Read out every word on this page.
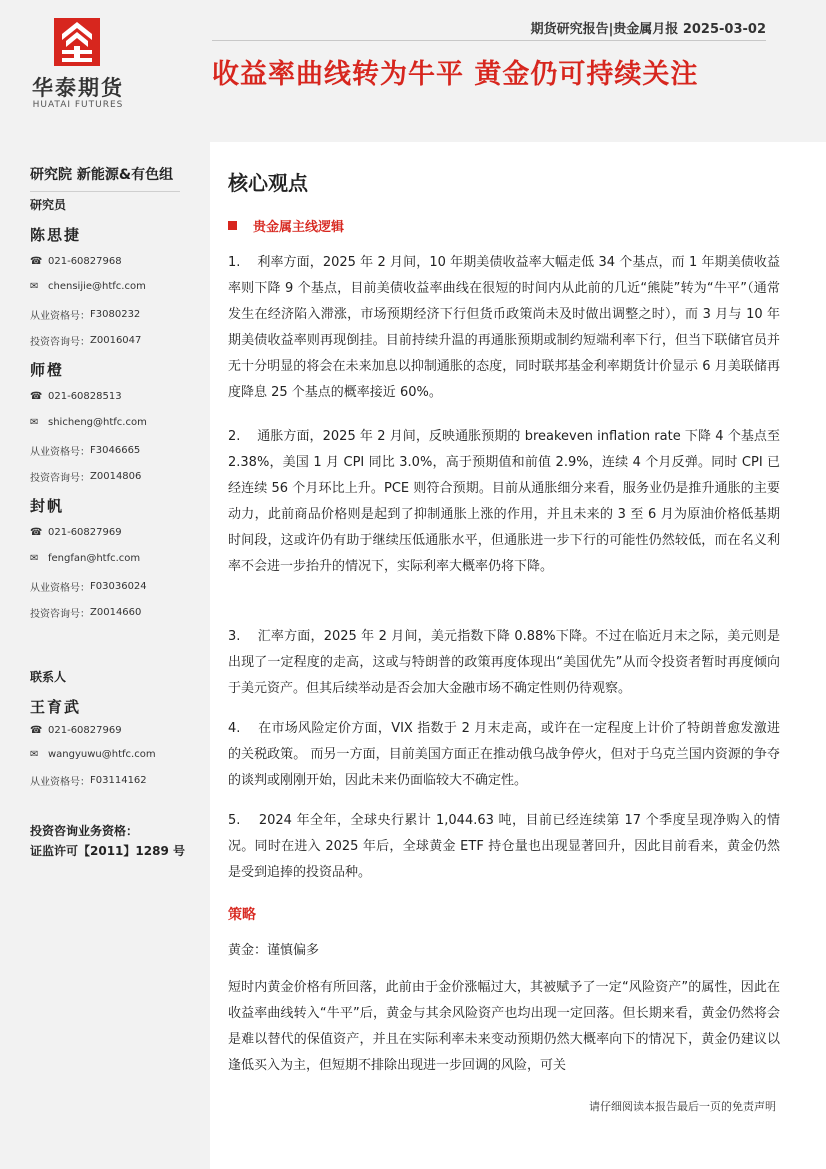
华泰期货
HUATAI FUTURES
期货研究报告|贵金属月报 2025-03-02
收益率曲线转为牛平 黄金仍可持续关注
研究院 新能源&有色组
研究员
陈思捷
☎ 021-60827968
✉ chensijie@htfc.com
从业资格号： F3080232
投资咨询号： Z0016047
师橙
☎ 021-60828513
✉ shicheng@htfc.com
从业资格号： F3046665
投资咨询号： Z0014806
封帆
☎ 021-60827969
✉ fengfan@htfc.com
从业资格号： F03036024
投资咨询号： Z0014660
联系人
王育武
☎ 021-60827969
✉ wangyuwu@htfc.com
从业资格号： F03114162
投资咨询业务资格：
证监许可【2011】1289 号
核心观点
贵金属主线逻辑
1.    利率方面，2025 年 2 月间，10 年期美债收益率大幅走低 34 个基点，而 1 年期美债收益率则下降 9 个基点，目前美债收益率曲线在很短的时间内从此前的几近“熊陡”转为“牛平”（通常发生在经济陷入滞涨，市场预期经济下行但货币政策尚未及时做出调整之时），而 3 月与 10 年期美债收益率则再现倒挂。目前持续升温的再通胀预期或制约短端利率下行，但当下联储官员并无十分明显的将会在未来加息以抑制通胀的态度，同时联邦基金利率期货计价显示 6 月美联储再度降息 25 个基点的概率接近 60%。
2.    通胀方面，2025 年 2 月间，反映通胀预期的 breakeven inflation rate 下降 4 个基点至 2.38%，美国 1 月 CPI 同比 3.0%，高于预期值和前值 2.9%，连续 4 个月反弹。同时 CPI 已经连续 56 个月环比上升。PCE 则符合预期。目前从通胀细分来看，服务业仍是推升通胀的主要动力，此前商品价格则是起到了抑制通胀上涨的作用，并且未来的 3 至 6 月为原油价格低基期时间段，这或许仍有助于继续压低通胀水平，但通胀进一步下行的可能性仍然较低，而在名义利率不会进一步抬升的情况下，实际利率大概率仍将下降。
3.    汇率方面，2025 年 2 月间，美元指数下降 0.88%下降。不过在临近月末之际，美元则是出现了一定程度的走高，这或与特朗普的政策再度体现出“美国优先”从而令投资者暂时再度倾向于美元资产。但其后续举动是否会加大金融市场不确定性则仍待观察。
4.    在市场风险定价方面，VIX 指数于 2 月末走高，或许在一定程度上计价了特朗普愈发激进的关税政策。 而另一方面，目前美国方面正在推动俄乌战争停火，但对于乌克兰国内资源的争夺的谈判或刚刚开始，因此未来仍面临较大不确定性。
5.    2024 年全年，全球央行累计 1,044.63 吨，目前已经连续第 17 个季度呈现净购入的情况。同时在进入 2025 年后，全球黄金 ETF 持仓量也出现显著回升，因此目前看来，黄金仍然是受到追捧的投资品种。
策略
黄金：谨慎偏多
短时内黄金价格有所回落，此前由于金价涨幅过大，其被赋予了一定“风险资产”的属性，因此在收益率曲线转入“牛平”后，黄金与其余风险资产也均出现一定回落。但长期来看，黄金仍然将会是难以替代的保值资产，并且在实际利率未来变动预期仍然大概率向下的情况下，黄金仍建议以逢低买入为主，但短期不排除出现进一步回调的风险，可关
请仔细阅读本报告最后一页的免责声明
